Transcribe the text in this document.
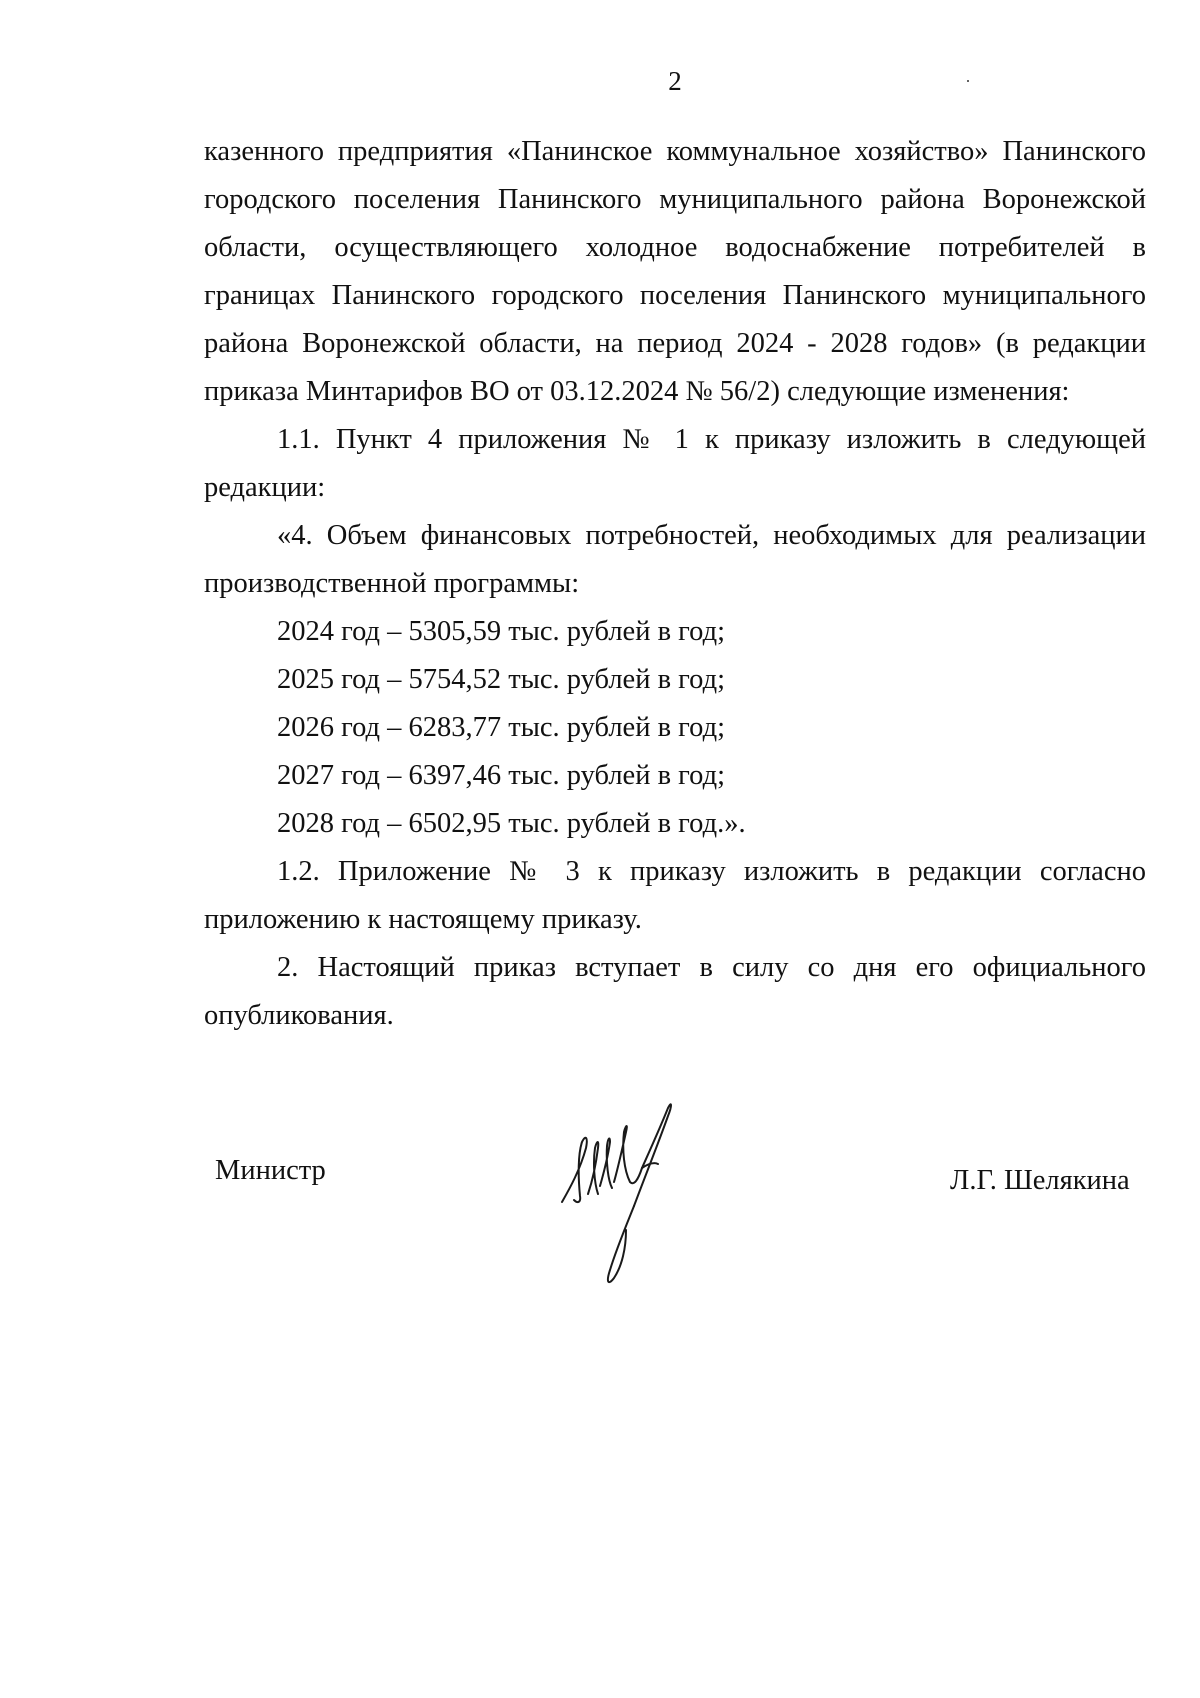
2

казенного предприятия «Панинское коммунальное хозяйство» Панинского городского поселения Панинского муниципального района Воронежской области, осуществляющего холодное водоснабжение потребителей в границах Панинского городского поселения Панинского муниципального района Воронежской области, на период 2024 - 2028 годов» (в редакции приказа Минтарифов ВО от 03.12.2024 № 56/2) следующие изменения:

1.1. Пункт 4 приложения № 1 к приказу изложить в следующей редакции:

«4. Объем финансовых потребностей, необходимых для реализации производственной программы:

2024 год – 5305,59 тыс. рублей в год;

2025 год – 5754,52 тыс. рублей в год;

2026 год – 6283,77 тыс. рублей в год;

2027 год – 6397,46 тыс. рублей в год;

2028 год – 6502,95 тыс. рублей в год.».

1.2. Приложение № 3 к приказу изложить в редакции согласно приложению к настоящему приказу.

2. Настоящий приказ вступает в силу со дня его официального опубликования.

Министр	Л.Г. Шелякина
